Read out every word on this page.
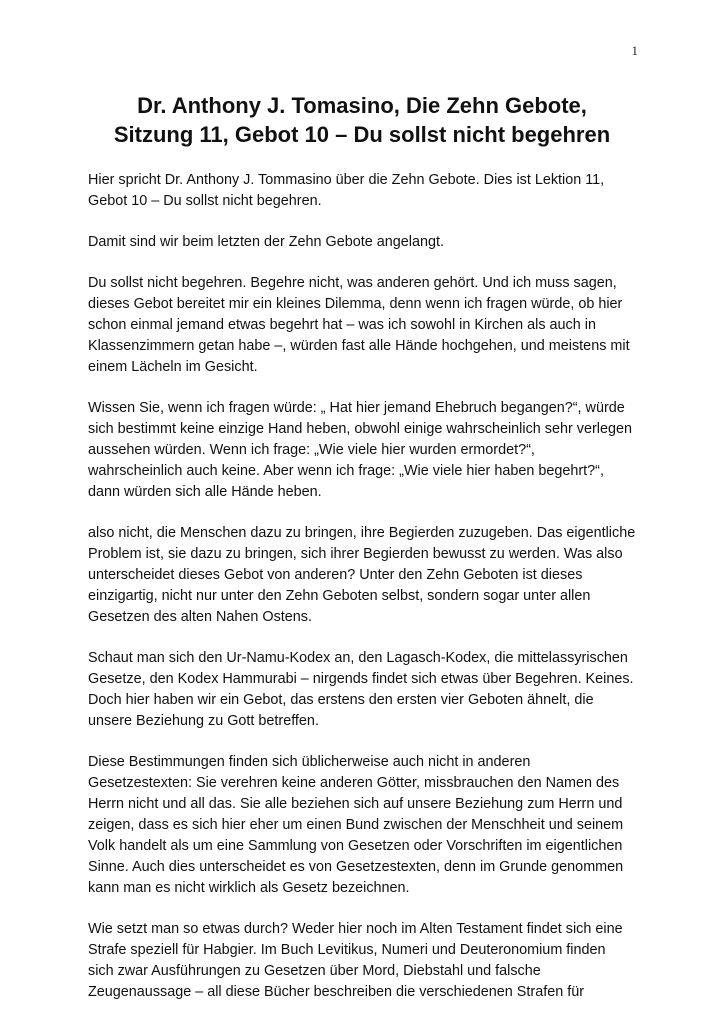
1
Dr. Anthony J. Tomasino, Die Zehn Gebote,
Sitzung 11, Gebot 10 – Du sollst nicht begehren

Hier spricht Dr. Anthony J. Tommasino über die Zehn Gebote. Dies ist Lektion 11,
Gebot 10 – Du sollst nicht begehren.

Damit sind wir beim letzten der Zehn Gebote angelangt.

Du sollst nicht begehren. Begehre nicht, was anderen gehört. Und ich muss sagen,
dieses Gebot bereitet mir ein kleines Dilemma, denn wenn ich fragen würde, ob hier
schon einmal jemand etwas begehrt hat – was ich sowohl in Kirchen als auch in
Klassenzimmern getan habe –, würden fast alle Hände hochgehen, und meistens mit
einem Lächeln im Gesicht.

Wissen Sie, wenn ich fragen würde: „ Hat hier jemand Ehebruch begangen?“, würde
sich bestimmt keine einzige Hand heben, obwohl einige wahrscheinlich sehr verlegen
aussehen würden. Wenn ich frage: „Wie viele hier wurden ermordet?“,
wahrscheinlich auch keine. Aber wenn ich frage: „Wie viele hier haben begehrt?“,
dann würden sich alle Hände heben.

also nicht, die Menschen dazu zu bringen, ihre Begierden zuzugeben. Das eigentliche
Problem ist, sie dazu zu bringen, sich ihrer Begierden bewusst zu werden. Was also
unterscheidet dieses Gebot von anderen? Unter den Zehn Geboten ist dieses
einzigartig, nicht nur unter den Zehn Geboten selbst, sondern sogar unter allen
Gesetzen des alten Nahen Ostens.

Schaut man sich den Ur-Namu-Kodex an, den Lagasch-Kodex, die mittelassyrischen
Gesetze, den Kodex Hammurabi – nirgends findet sich etwas über Begehren. Keines.
Doch hier haben wir ein Gebot, das erstens den ersten vier Geboten ähnelt, die
unsere Beziehung zu Gott betreffen.

Diese Bestimmungen finden sich üblicherweise auch nicht in anderen
Gesetzestexten: Sie verehren keine anderen Götter, missbrauchen den Namen des
Herrn nicht und all das. Sie alle beziehen sich auf unsere Beziehung zum Herrn und
zeigen, dass es sich hier eher um einen Bund zwischen der Menschheit und seinem
Volk handelt als um eine Sammlung von Gesetzen oder Vorschriften im eigentlichen
Sinne. Auch dies unterscheidet es von Gesetzestexten, denn im Grunde genommen
kann man es nicht wirklich als Gesetz bezeichnen.

Wie setzt man so etwas durch? Weder hier noch im Alten Testament findet sich eine
Strafe speziell für Habgier. Im Buch Levitikus, Numeri und Deuteronomium finden
sich zwar Ausführungen zu Gesetzen über Mord, Diebstahl und falsche
Zeugenaussage – all diese Bücher beschreiben die verschiedenen Strafen für
